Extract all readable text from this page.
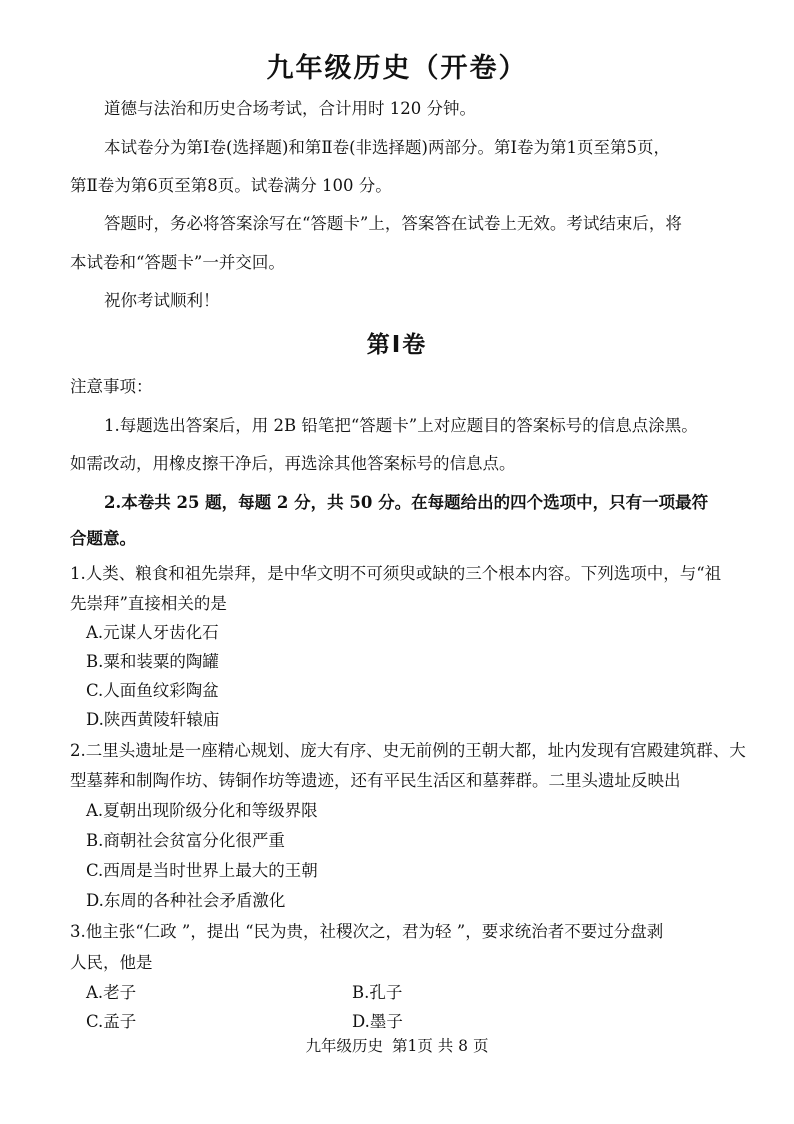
九年级历史（开卷）
道德与法治和历史合场考试，合计用时 120 分钟。
本试卷分为第Ⅰ卷(选择题)和第Ⅱ卷(非选择题)两部分。第Ⅰ卷为第1页至第5页，
第Ⅱ卷为第6页至第8页。试卷满分 100 分。
答题时，务必将答案涂写在“答题卡”上，答案答在试卷上无效。考试结束后，将
本试卷和“答题卡”一并交回。
祝你考试顺利！
第Ⅰ卷
注意事项：
1.每题选出答案后，用 2B 铅笔把“答题卡”上对应题目的答案标号的信息点涂黑。
如需改动，用橡皮擦干净后，再选涂其他答案标号的信息点。
2.本卷共 25 题，每题 2 分，共 50 分。在每题给出的四个选项中，只有一项最符
合题意。
1.人类、粮食和祖先崇拜，是中华文明不可须臾或缺的三个根本内容。下列选项中，与“祖
先崇拜”直接相关的是
A.元谋人牙齿化石
B.粟和装粟的陶罐
C.人面鱼纹彩陶盆
D.陕西黄陵轩辕庙
2.二里头遗址是一座精心规划、庞大有序、史无前例的王朝大都，址内发现有宫殿建筑群、大
型墓葬和制陶作坊、铸铜作坊等遗迹，还有平民生活区和墓葬群。二里头遗址反映出
A.夏朝出现阶级分化和等级界限
B.商朝社会贫富分化很严重
C.西周是当时世界上最大的王朝
D.东周的各种社会矛盾激化
3.他主张“仁政 ”，提出 “民为贵，社稷次之，君为轻 ”，要求统治者不要过分盘剥
人民，他是
A.老子	B.孔子
C.孟子	D.墨子
九年级历史 第1页 共 8 页
